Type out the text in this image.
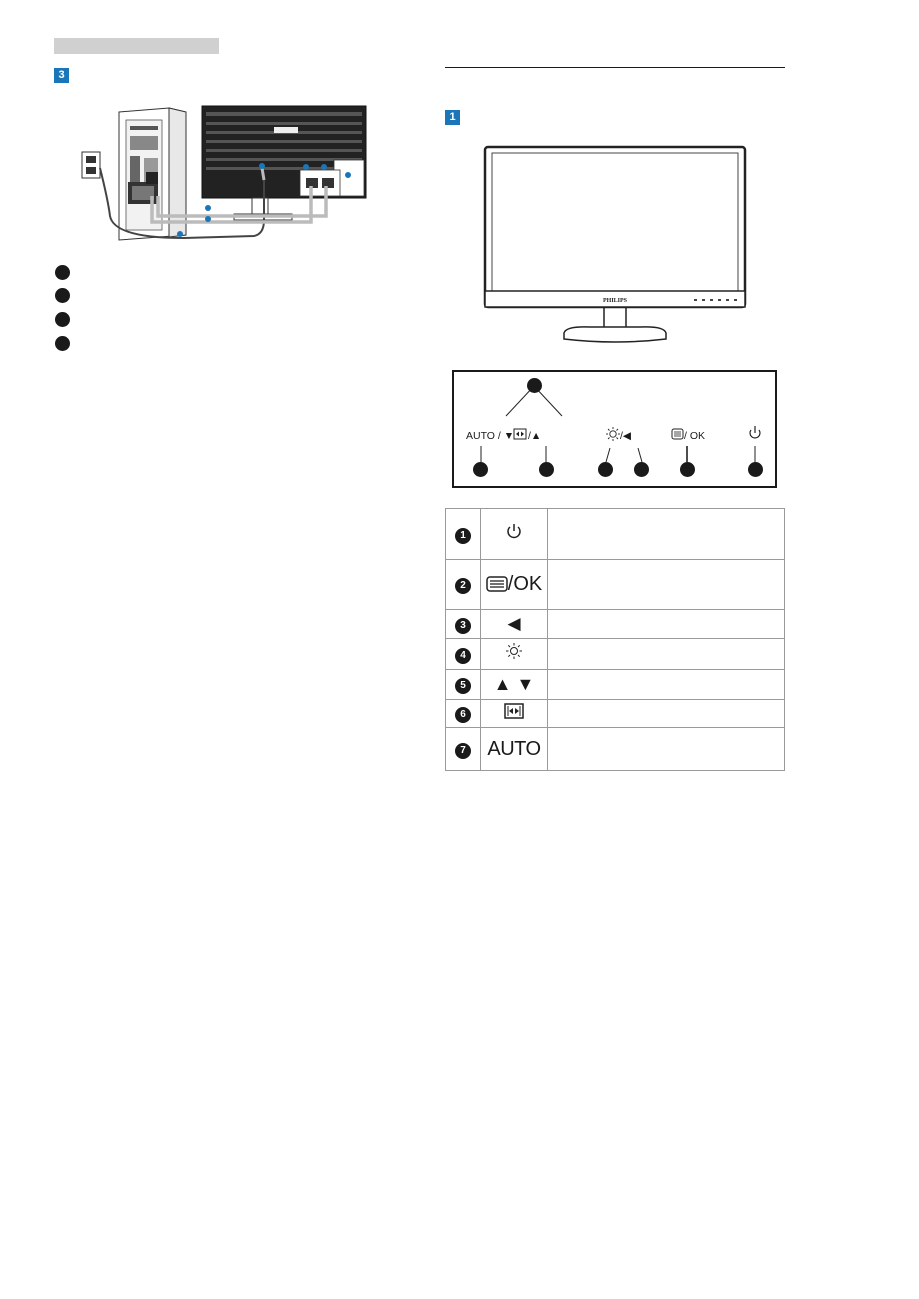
3
1
PHILIPS
AUTO / ▼ /▲	/◀	/ OK
1		
2	/OK	
3	◀	
4		
5	▲ ▼	
6		
7	AUTO	
